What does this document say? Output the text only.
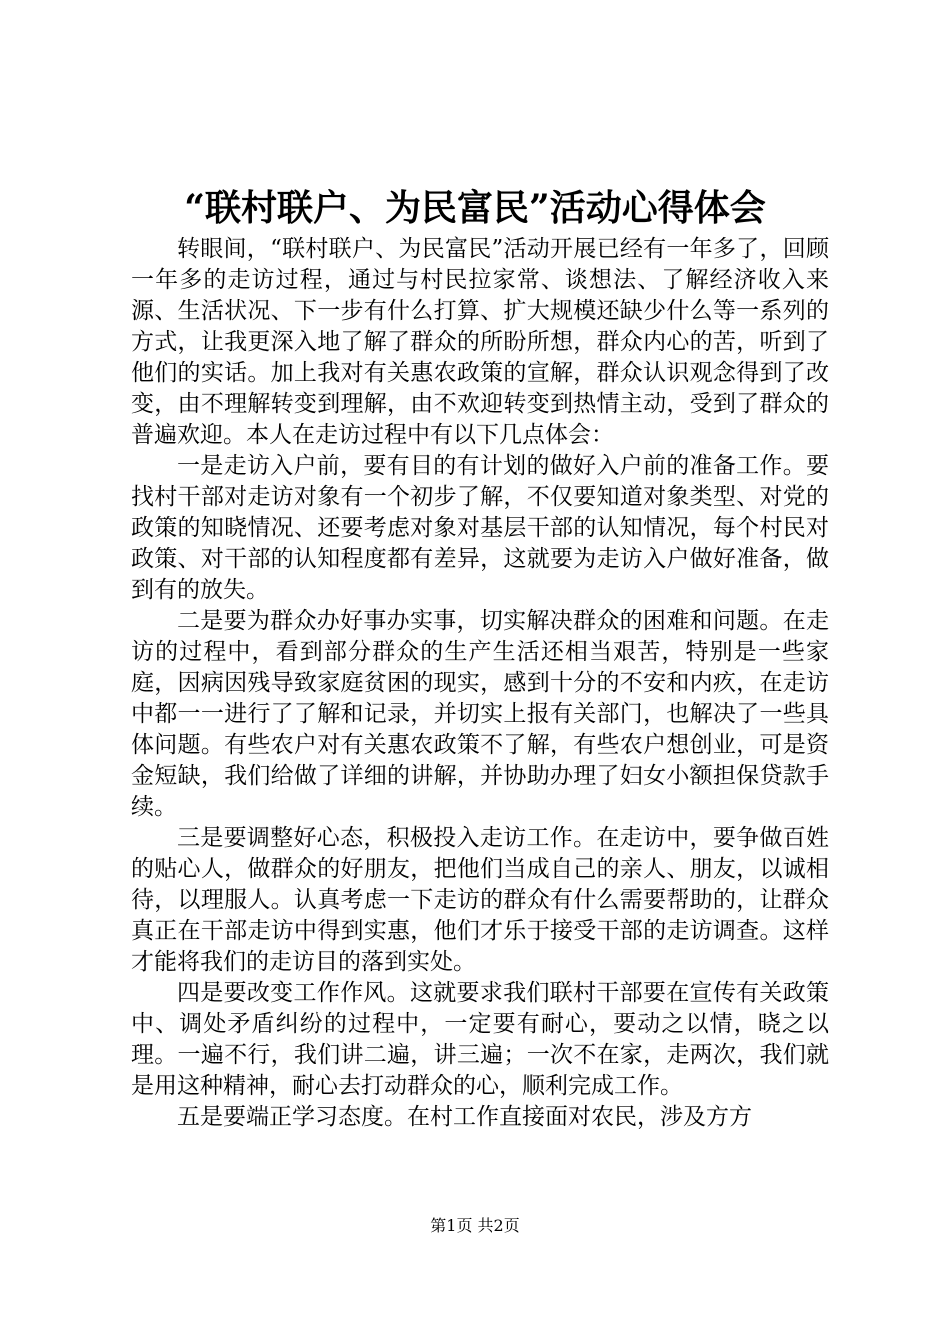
“联村联户、为民富民”活动心得体会

转眼间，“联村联户、为民富民”活动开展已经有一年多了，回顾一年多的走访过程，通过与村民拉家常、谈想法、了解经济收入来源、生活状况、下一步有什么打算、扩大规模还缺少什么等一系列的方式，让我更深入地了解了群众的所盼所想，群众内心的苦，听到了他们的实话。加上我对有关惠农政策的宣解，群众认识观念得到了改变，由不理解转变到理解，由不欢迎转变到热情主动，受到了群众的普遍欢迎。本人在走访过程中有以下几点体会：

一是走访入户前，要有目的有计划的做好入户前的准备工作。要找村干部对走访对象有一个初步了解，不仅要知道对象类型、对党的政策的知晓情况、还要考虑对象对基层干部的认知情况，每个村民对政策、对干部的认知程度都有差异，这就要为走访入户做好准备，做到有的放失。

二是要为群众办好事办实事，切实解决群众的困难和问题。在走访的过程中，看到部分群众的生产生活还相当艰苦，特别是一些家庭，因病因残导致家庭贫困的现实，感到十分的不安和内疚，在走访中都一一进行了了解和记录，并切实上报有关部门，也解决了一些具体问题。有些农户对有关惠农政策不了解，有些农户想创业，可是资金短缺，我们给做了详细的讲解，并协助办理了妇女小额担保贷款手续。

三是要调整好心态，积极投入走访工作。在走访中，要争做百姓的贴心人，做群众的好朋友，把他们当成自己的亲人、朋友，以诚相待，以理服人。认真考虑一下走访的群众有什么需要帮助的，让群众真正在干部走访中得到实惠，他们才乐于接受干部的走访调查。这样才能将我们的走访目的落到实处。

四是要改变工作作风。这就要求我们联村干部要在宣传有关政策中、调处矛盾纠纷的过程中，一定要有耐心，要动之以情，晓之以理。一遍不行，我们讲二遍，讲三遍；一次不在家，走两次，我们就是用这种精神，耐心去打动群众的心，顺利完成工作。

五是要端正学习态度。在村工作直接面对农民，涉及方方

第1页 共2页
